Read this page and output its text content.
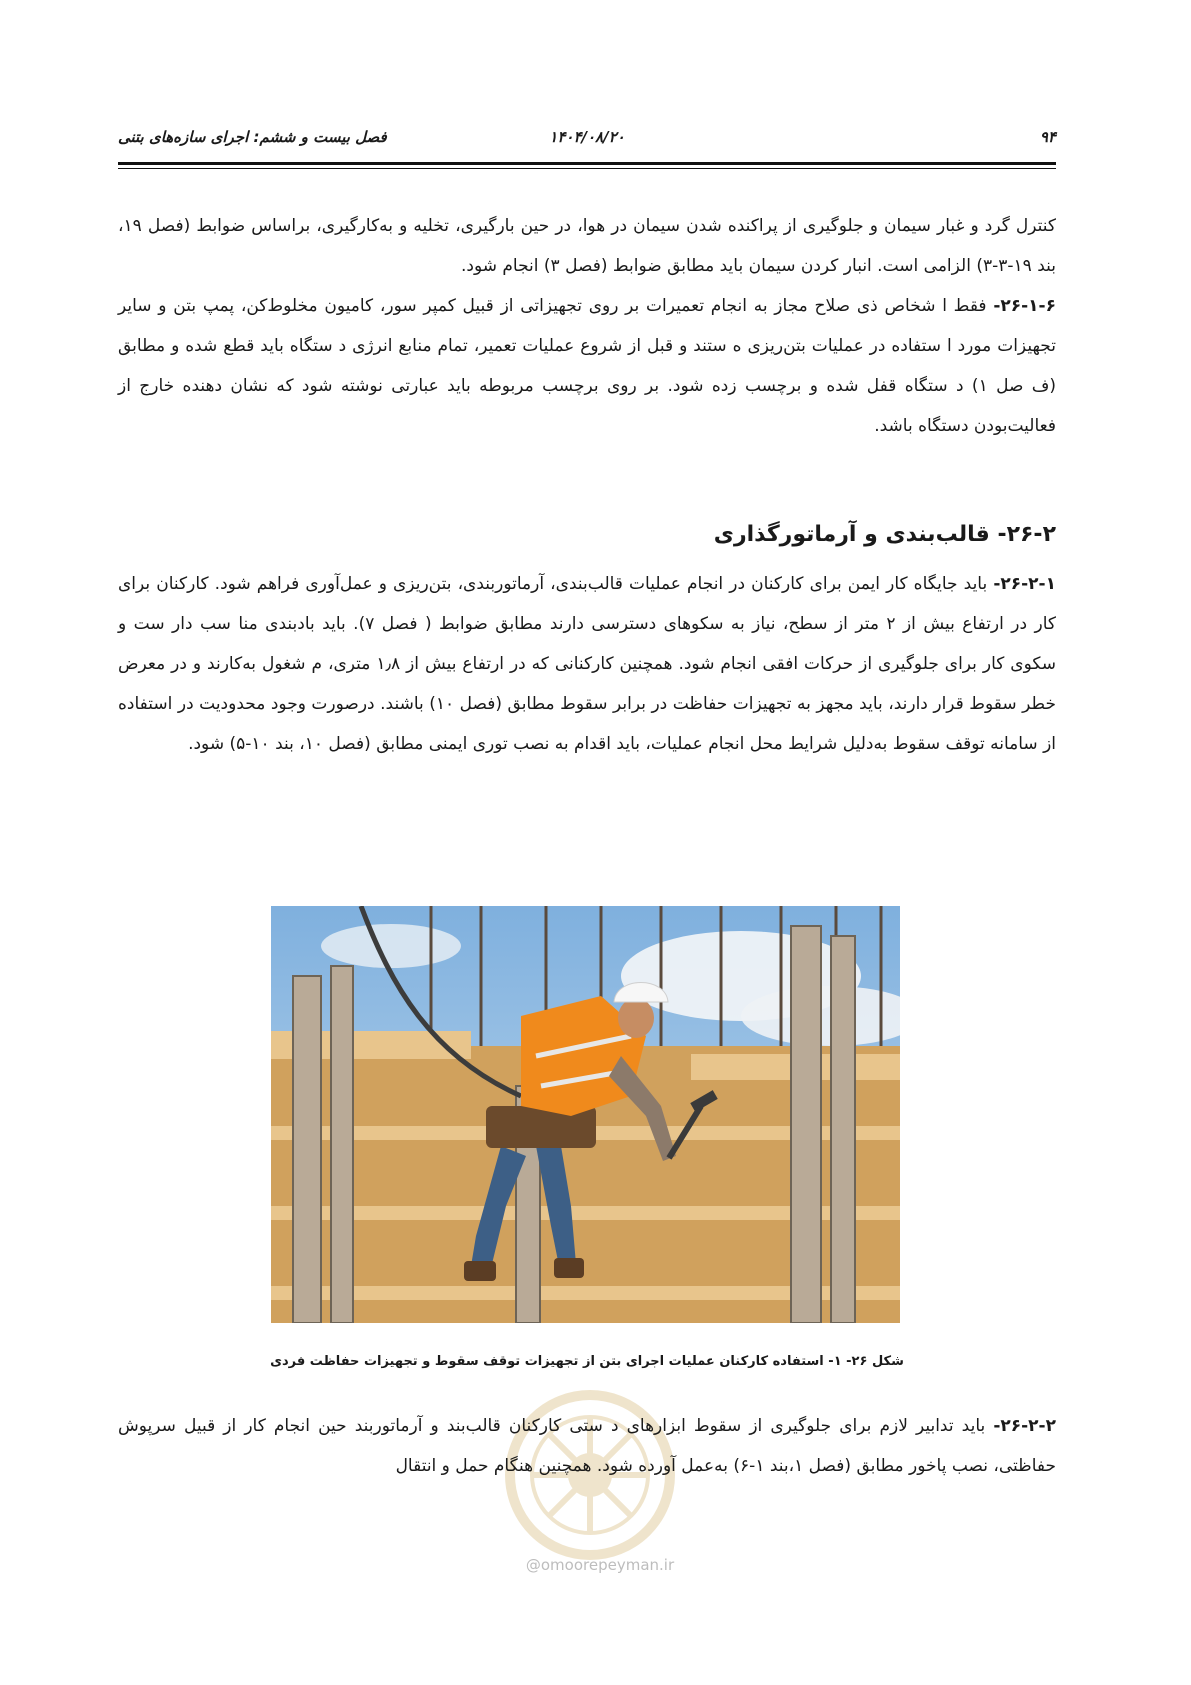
۹۴
۱۴۰۴/۰۸/۲۰
فصل بیست و ششم: اجرای سازه‌های بتنی

کنترل گرد و غبار سیمان و جلوگیری از پراکنده شدن سیمان در هوا، در حین بارگیری، تخلیه و به‌کارگیری، براساس ضوابط (فصل ۱۹، بند ۱۹-۳-۳) الزامی است. انبار کردن سیمان باید مطابق ضوابط (فصل ۳) انجام شود.

۲۶-۱-۶- فقط ا شخاص ذی صلاح مجاز به انجام تعمیرات بر روی تجهیزاتی از قبیل کمپر سور، کامیون مخلوط‌کن، پمپ بتن و سایر تجهیزات مورد ا ستفاده در عملیات بتن‌ریزی ه ستند و قبل از شروع عملیات تعمیر، تمام منابع انرژی د ستگاه باید قطع شده و مطابق (ف صل ۱) د ستگاه قفل شده و برچسب زده شود. بر روی برچسب مربوطه باید عبارتی نوشته شود که نشان دهنده خارج از فعالیت‌بودن دستگاه باشد.

۲۶-۲- قالب‌بندی و آرماتورگذاری

۲۶-۲-۱- باید جایگاه کار ایمن برای کارکنان در انجام عملیات قالب‌بندی، آرماتوربندی، بتن‌ریزی و عمل‌آوری فراهم شود. کارکنان برای کار در ارتفاع بیش از ۲ متر از سطح، نیاز به سکوهای دسترسی دارند مطابق ضوابط ( فصل ۷). باید بادبندی منا سب دار ست و سکوی کار برای جلوگیری از حرکات افقی انجام شود. همچنین کارکنانی که در ارتفاع بیش از ۱٫۸ متری، م شغول به‌کارند و در معرض خطر سقوط قرار دارند، باید مجهز به تجهیزات حفاظت در برابر سقوط مطابق (فصل ۱۰) باشند. درصورت وجود محدودیت در استفاده از سامانه توقف سقوط به‌دلیل شرایط محل انجام عملیات، باید اقدام به نصب توری ایمنی مطابق (فصل ۱۰، بند ۱۰-۵) شود.

شکل ۲۶- ۱- استفاده کارکنان عملیات اجرای بتن از تجهیزات توقف سقوط و تجهیزات حفاظت فردی

۲۶-۲-۲- باید تدابیر لازم برای جلوگیری از سقوط ابزارهای د ستی کارکنان قالب‌بند و آرماتوربند حین انجام کار از قبیل سرپوش حفاظتی، نصب پاخور مطابق (فصل ۱،بند ۱-۶) به‌عمل آورده شود. همچنین هنگام حمل و انتقال

@omoorepeyman.ir
